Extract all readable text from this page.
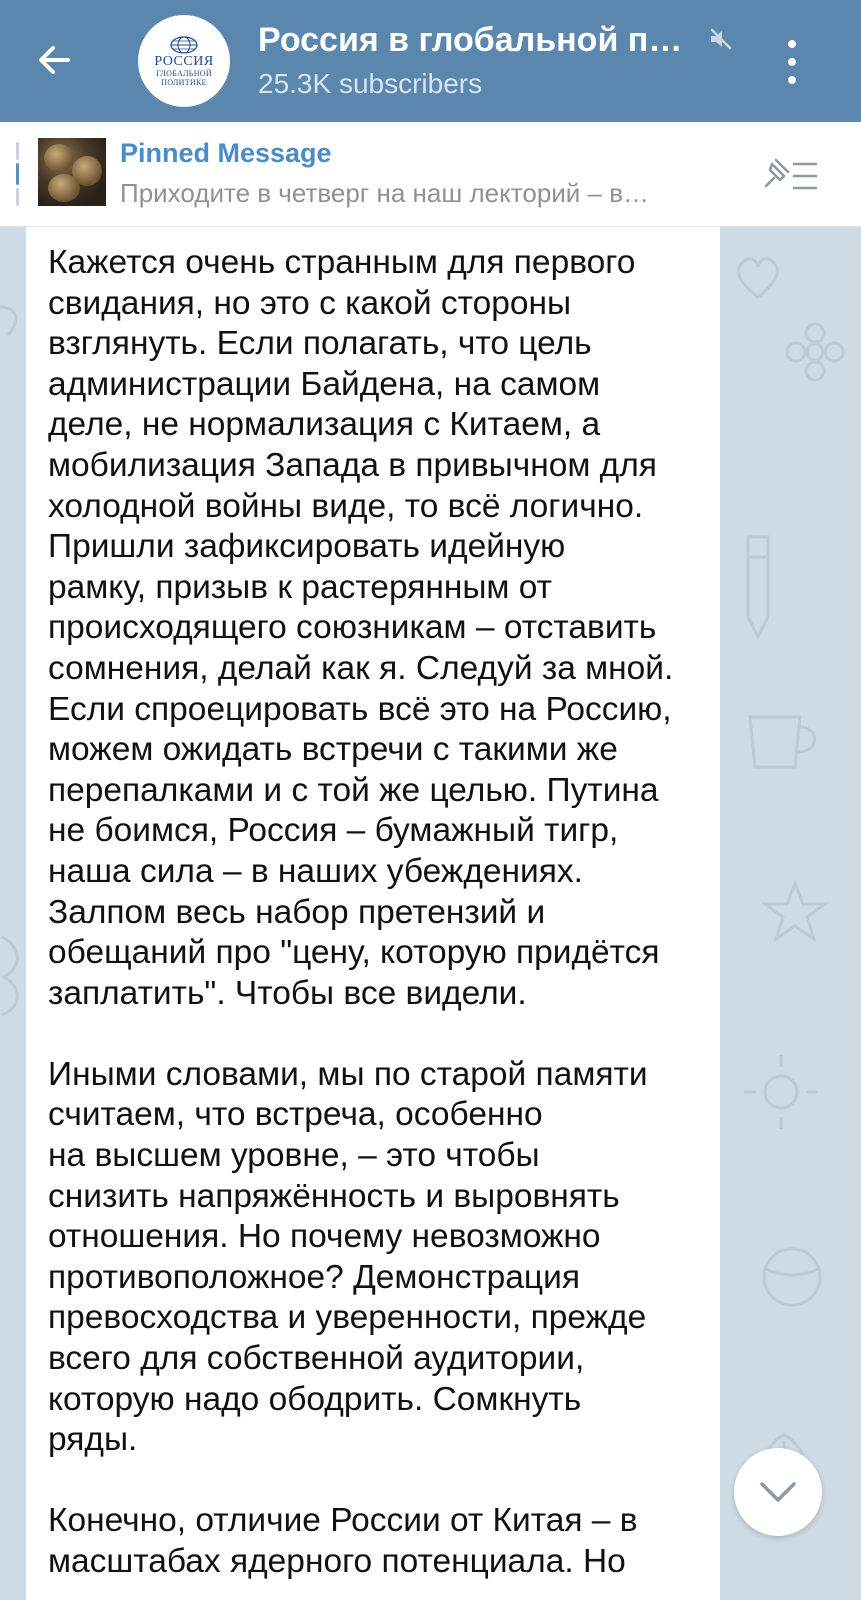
РОССИЯ
ГЛОБАЛЬНОЙ
ПОЛИТИКЕ
Россия в глобальной п…
25.3K subscribers
Pinned Message
Приходите в четверг на наш лекторий – в…
Кажется очень странным для первого
свидания, но это с какой стороны
взглянуть. Если полагать, что цель
администрации Байдена, на самом
деле, не нормализация с Китаем, а
мобилизация Запада в привычном для
холодной войны виде, то всё логично.
Пришли зафиксировать идейную
рамку, призыв к растерянным от
происходящего союзникам – отставить
сомнения, делай как я. Следуй за мной.
Если спроецировать всё это на Россию,
можем ожидать встречи с такими же
перепалками и с той же целью. Путина
не боимся, Россия – бумажный тигр,
наша сила – в наших убеждениях.
Залпом весь набор претензий и
обещаний про "цену, которую придётся
заплатить". Чтобы все видели.
Иными словами, мы по старой памяти
считаем, что встреча, особенно
на высшем уровне, – это чтобы
снизить напряжённость и выровнять
отношения. Но почему невозможно
противоположное? Демонстрация
превосходства и уверенности, прежде
всего для собственной аудитории,
которую надо ободрить. Сомкнуть
ряды.
Конечно, отличие России от Китая – в
масштабах ядерного потенциала. Но
